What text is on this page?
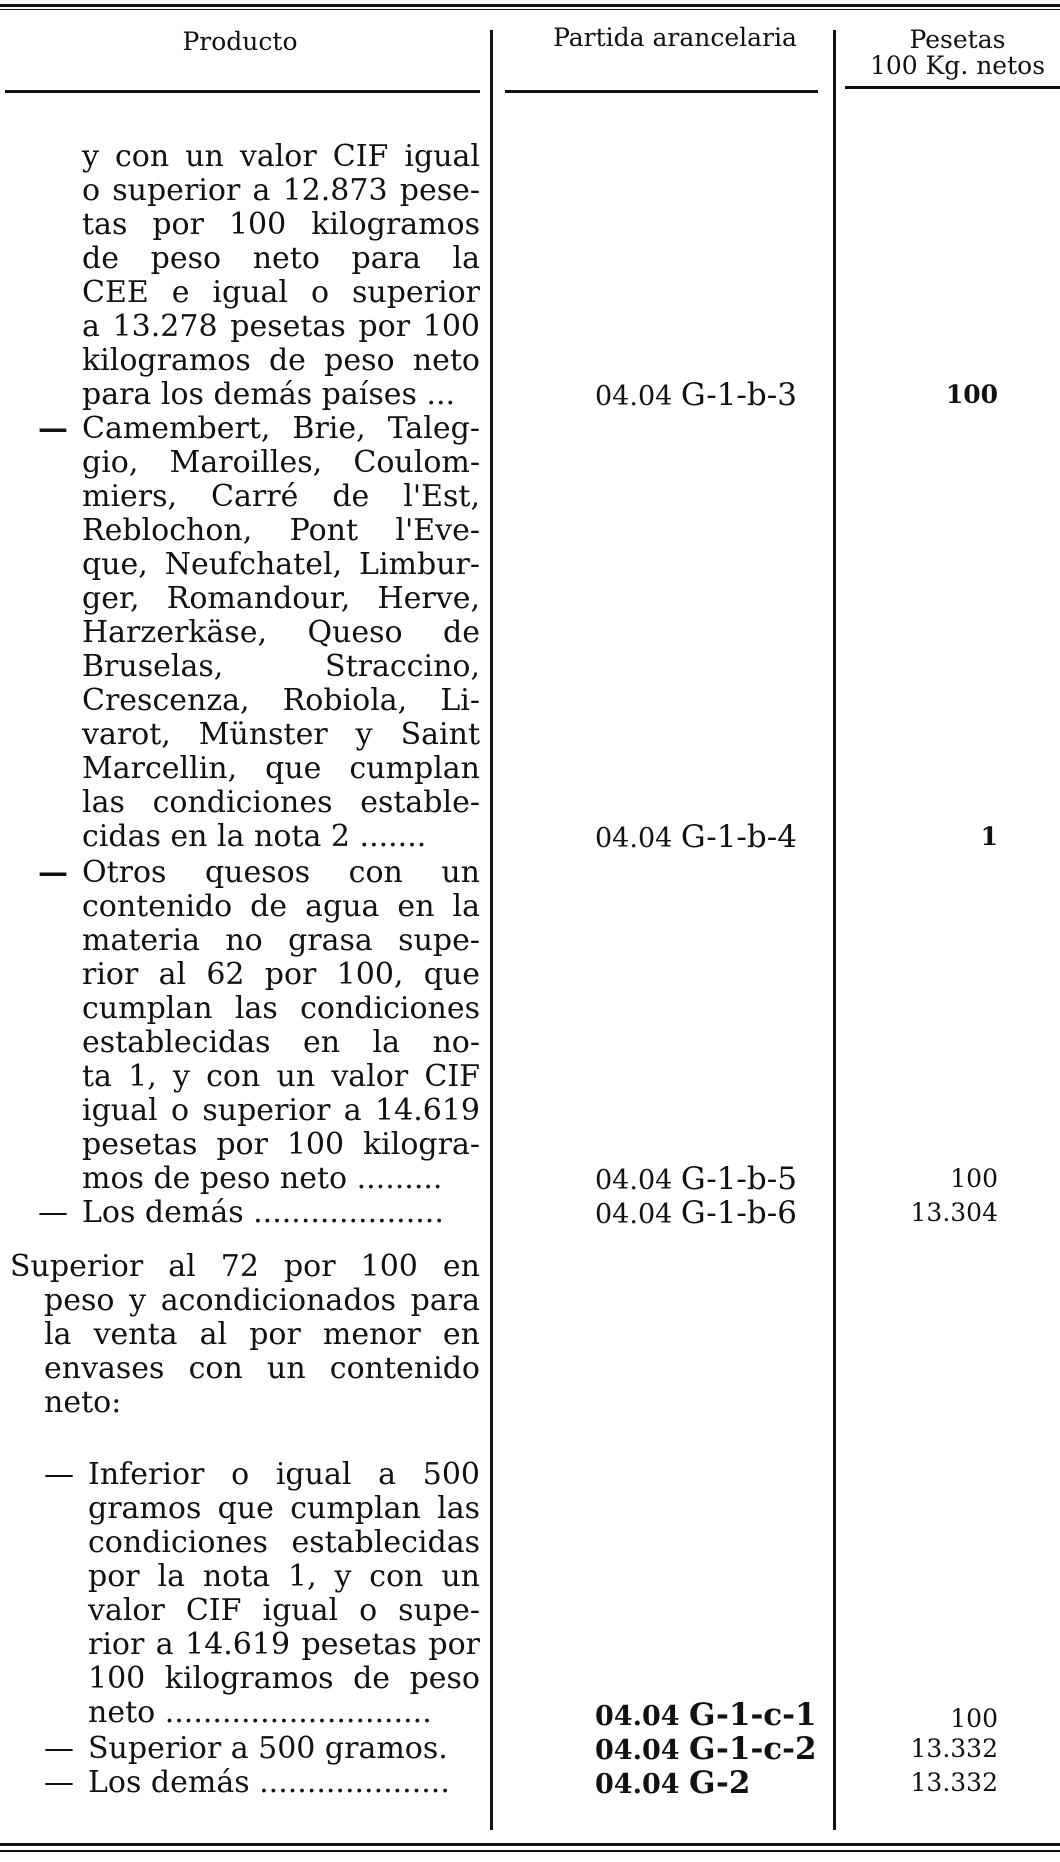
Producto	Partida arancelaria	Pesetas
100 Kg. netos
y con un valor CIF igual
o superior a 12.873 pese-
tas por 100 kilogramos
de peso neto para la
CEE e igual o superior
a 13.278 pesetas por 100
kilogramos de peso neto
para los demás países ...	04.04 G-1-b-3	100
— Camembert, Brie, Taleg-
gio, Maroilles, Coulom-
miers, Carré de l'Est,
Reblochon, Pont l'Eve-
que, Neufchatel, Limbur-
ger, Romandour, Herve,
Harzerkäse, Queso de
Bruselas, Straccino,
Crescenza, Robiola, Li-
varot, Münster y Saint
Marcellin, que cumplan
las condiciones estable-
cidas en la nota 2 .......	04.04 G-1-b-4	1
— Otros quesos con un
contenido de agua en la
materia no grasa supe-
rior al 62 por 100, que
cumplan las condiciones
establecidas en la no-
ta 1, y con un valor CIF
igual o superior a 14.619
pesetas por 100 kilogra-
mos de peso neto .........	04.04 G-1-b-5	100
— Los demás ....................	04.04 G-1-b-6	13.304
Superior al 72 por 100 en
peso y acondicionados para
la venta al por menor en
envases con un contenido
neto:
— Inferior o igual a 500
gramos que cumplan las
condiciones establecidas
por la nota 1, y con un
valor CIF igual o supe-
rior a 14.619 pesetas por
100 kilogramos de peso
neto ............................	04.04 G-1-c-1	100
— Superior a 500 gramos.	04.04 G-1-c-2	13.332
— Los demás ....................	04.04 G-2	13.332
